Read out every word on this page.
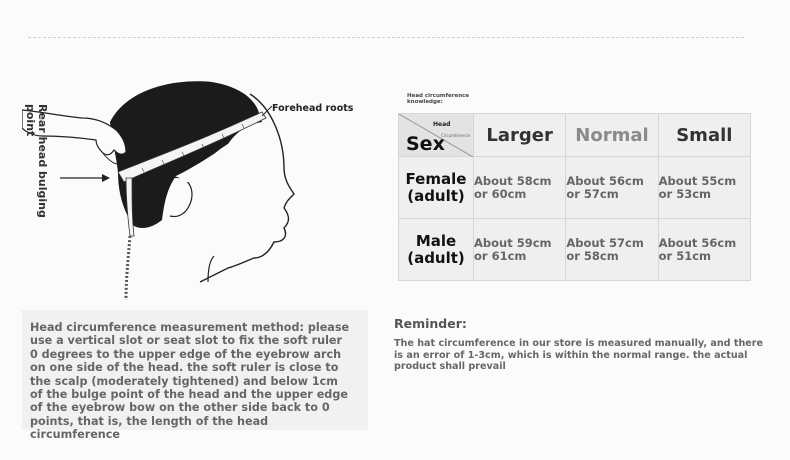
Rear head bulging
point	Forehead roots
Head circumference knowledge:
Head
Circumference
Sex	Larger	Normal	Small

Female
(adult)	About 58cm or 60cm	About 56cm or 57cm	About 55cm or 53cm

Male
(adult)	About 59cm or 61cm	About 57cm or 58cm	About 56cm or 51cm

Head circumference measurement method: please use a vertical slot or seat slot to fix the soft ruler 0 degrees to the upper edge of the eyebrow arch on one side of the head. the soft ruler is close to the scalp (moderately tightened) and below 1cm of the bulge point of the head and the upper edge of the eyebrow bow on the other side back to 0 points, that is, the length of the head circumference

Reminder:

The hat circumference in our store is measured manually, and there is an error of 1-3cm, which is within the normal range. the actual product shall prevail
